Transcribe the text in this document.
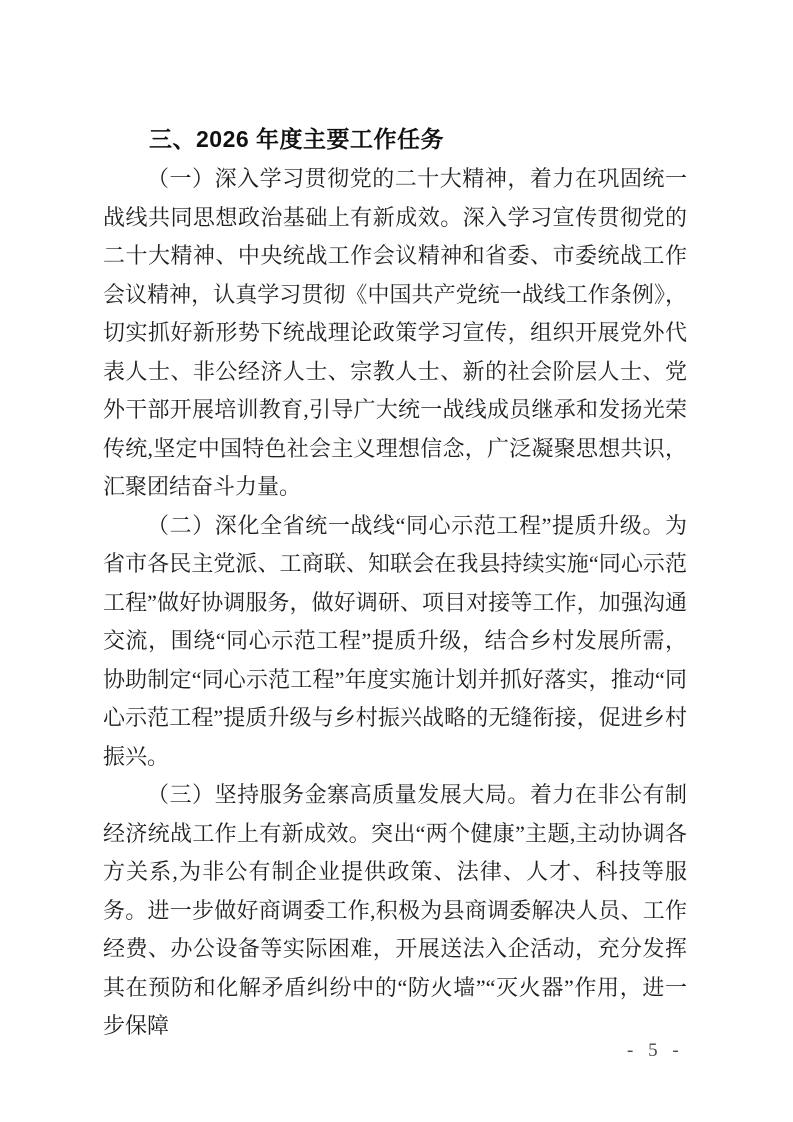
三、2026 年度主要工作任务

（一）深入学习贯彻党的二十大精神，着力在巩固统一战线共同思想政治基础上有新成效。深入学习宣传贯彻党的二十大精神、中央统战工作会议精神和省委、市委统战工作会议精神，认真学习贯彻《中国共产党统一战线工作条例》，切实抓好新形势下统战理论政策学习宣传，组织开展党外代表人士、非公经济人士、宗教人士、新的社会阶层人士、党外干部开展培训教育,引导广大统一战线成员继承和发扬光荣传统,坚定中国特色社会主义理想信念，广泛凝聚思想共识，汇聚团结奋斗力量。

（二）深化全省统一战线“同心示范工程”提质升级。为省市各民主党派、工商联、知联会在我县持续实施“同心示范工程”做好协调服务，做好调研、项目对接等工作，加强沟通交流，围绕“同心示范工程”提质升级，结合乡村发展所需，协助制定“同心示范工程”年度实施计划并抓好落实，推动“同心示范工程”提质升级与乡村振兴战略的无缝衔接，促进乡村振兴。

（三）坚持服务金寨高质量发展大局。着力在非公有制经济统战工作上有新成效。突出“两个健康”主题,主动协调各方关系,为非公有制企业提供政策、法律、人才、科技等服务。进一步做好商调委工作,积极为县商调委解决人员、工作经费、办公设备等实际困难，开展送法入企活动，充分发挥其在预防和化解矛盾纠纷中的“防火墙”“灭火器”作用，进一步保障

- 5 -
